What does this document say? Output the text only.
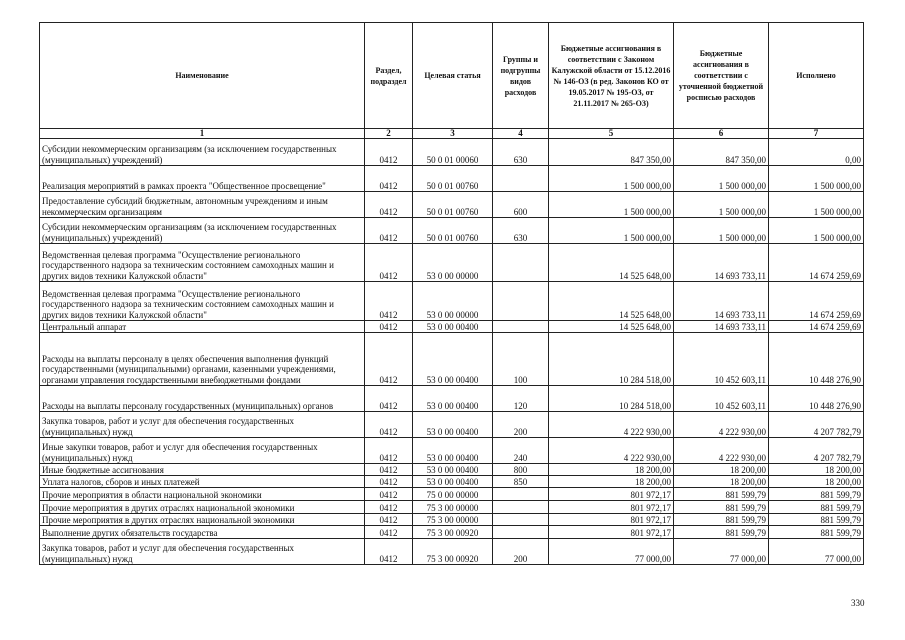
Наименование	Раздел, подраздел	Целевая статья	Группы и подгруппы видов расходов	Бюджетные ассигнования в соответствии с Законом Калужской области от 15.12.2016 № 146-ОЗ (в ред. Законов КО от 19.05.2017 № 195-ОЗ, от 21.11.2017 № 265-ОЗ)	Бюджетные ассигнования в соответствии с уточненной бюджетной росписью расходов	Исполнено
1	2	3	4	5	6	7
Субсидии некоммерческим организациям (за исключением государственных (муниципальных) учреждений)	0412	50 0 01 00060	630	847 350,00	847 350,00	0,00
Реализация мероприятий в рамках проекта "Общественное просвещение"	0412	50 0 01 00760		1 500 000,00	1 500 000,00	1 500 000,00
Предоставление субсидий бюджетным, автономным учреждениям и иным некоммерческим организациям	0412	50 0 01 00760	600	1 500 000,00	1 500 000,00	1 500 000,00
Субсидии некоммерческим организациям (за исключением государственных (муниципальных) учреждений)	0412	50 0 01 00760	630	1 500 000,00	1 500 000,00	1 500 000,00
Ведомственная целевая программа "Осуществление регионального государственного надзора за техническим состоянием самоходных машин и других видов техники Калужской области"	0412	53 0 00 00000		14 525 648,00	14 693 733,11	14 674 259,69
Ведомственная целевая программа "Осуществление регионального государственного надзора за техническим состоянием самоходных машин и других видов техники Калужской области"	0412	53 0 00 00000		14 525 648,00	14 693 733,11	14 674 259,69
Центральный аппарат	0412	53 0 00 00400		14 525 648,00	14 693 733,11	14 674 259,69
Расходы на выплаты персоналу в целях обеспечения выполнения функций государственными (муниципальными) органами, казенными учреждениями, органами управления государственными внебюджетными фондами	0412	53 0 00 00400	100	10 284 518,00	10 452 603,11	10 448 276,90
Расходы на выплаты персоналу государственных (муниципальных) органов	0412	53 0 00 00400	120	10 284 518,00	10 452 603,11	10 448 276,90
Закупка товаров, работ и услуг для обеспечения государственных (муниципальных) нужд	0412	53 0 00 00400	200	4 222 930,00	4 222 930,00	4 207 782,79
Иные закупки товаров, работ и услуг для обеспечения государственных (муниципальных) нужд	0412	53 0 00 00400	240	4 222 930,00	4 222 930,00	4 207 782,79
Иные бюджетные ассигнования	0412	53 0 00 00400	800	18 200,00	18 200,00	18 200,00
Уплата налогов, сборов и иных платежей	0412	53 0 00 00400	850	18 200,00	18 200,00	18 200,00
Прочие мероприятия в области национальной экономики	0412	75 0 00 00000		801 972,17	881 599,79	881 599,79
Прочие мероприятия в других отраслях национальной экономики	0412	75 3 00 00000		801 972,17	881 599,79	881 599,79
Прочие мероприятия в других отраслях национальной экономики	0412	75 3 00 00000		801 972,17	881 599,79	881 599,79
Выполнение других обязательств государства	0412	75 3 00 00920		801 972,17	881 599,79	881 599,79
Закупка товаров, работ и услуг для обеспечения государственных (муниципальных) нужд	0412	75 3 00 00920	200	77 000,00	77 000,00	77 000,00
330
